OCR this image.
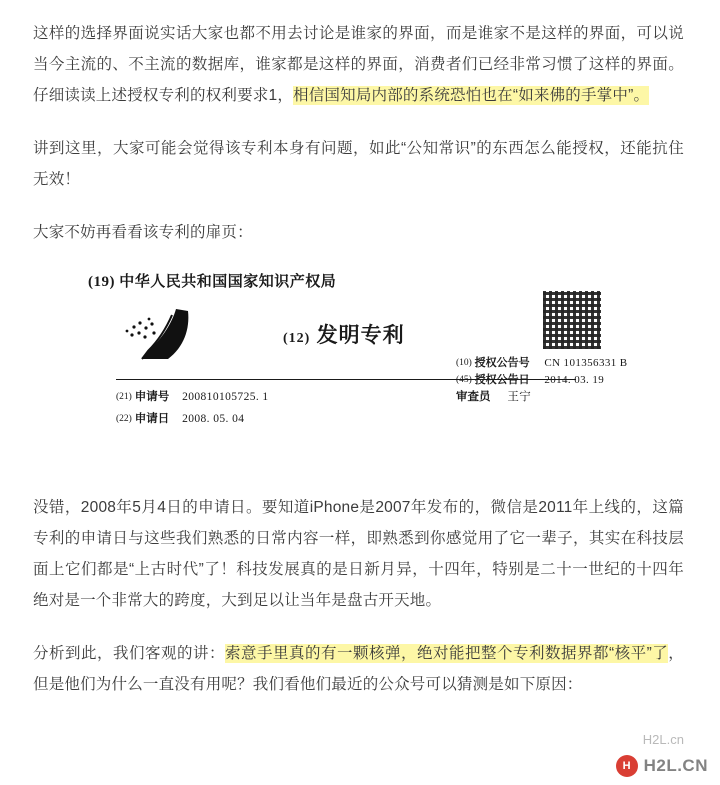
这样的选择界面说实话大家也都不用去讨论是谁家的界面，而是谁家不是这样的界面，可以说当今主流的、不主流的数据库，谁家都是这样的界面，消费者们已经非常习惯了这样的界面。仔细读读上述授权专利的权利要求1，相信国知局内部的系统恐怕也在“如来佛的手掌中”。

讲到这里，大家可能会觉得该专利本身有问题，如此“公知常识”的东西怎么能授权，还能抗住无效！

大家不妨再看看该专利的扉页：

(19) 中华人民共和国国家知识产权局
(12) 发明专利
(10) 授权公告号 CN 101356331 B
(45) 授权公告日 2014. 03. 19
(21) 申请号 200810105725. 1	审查员 王宁
(22) 申请日 2008. 05. 04

没错，2008年5月4日的申请日。要知道iPhone是2007年发布的，微信是2011年上线的，这篇专利的申请日与这些我们熟悉的日常内容一样，即熟悉到你感觉用了它一辈子，其实在科技层面上它们都是“上古时代”了！科技发展真的是日新月异，十四年，特别是二十一世纪的十四年绝对是一个非常大的跨度，大到足以让当年是盘古开天地。

分析到此，我们客观的讲：索意手里真的有一颗核弹，绝对能把整个专利数据界都“核平”了，但是他们为什么一直没有用呢？我们看他们最近的公众号可以猜测是如下原因：

H2L.cn
H H2L.CN
